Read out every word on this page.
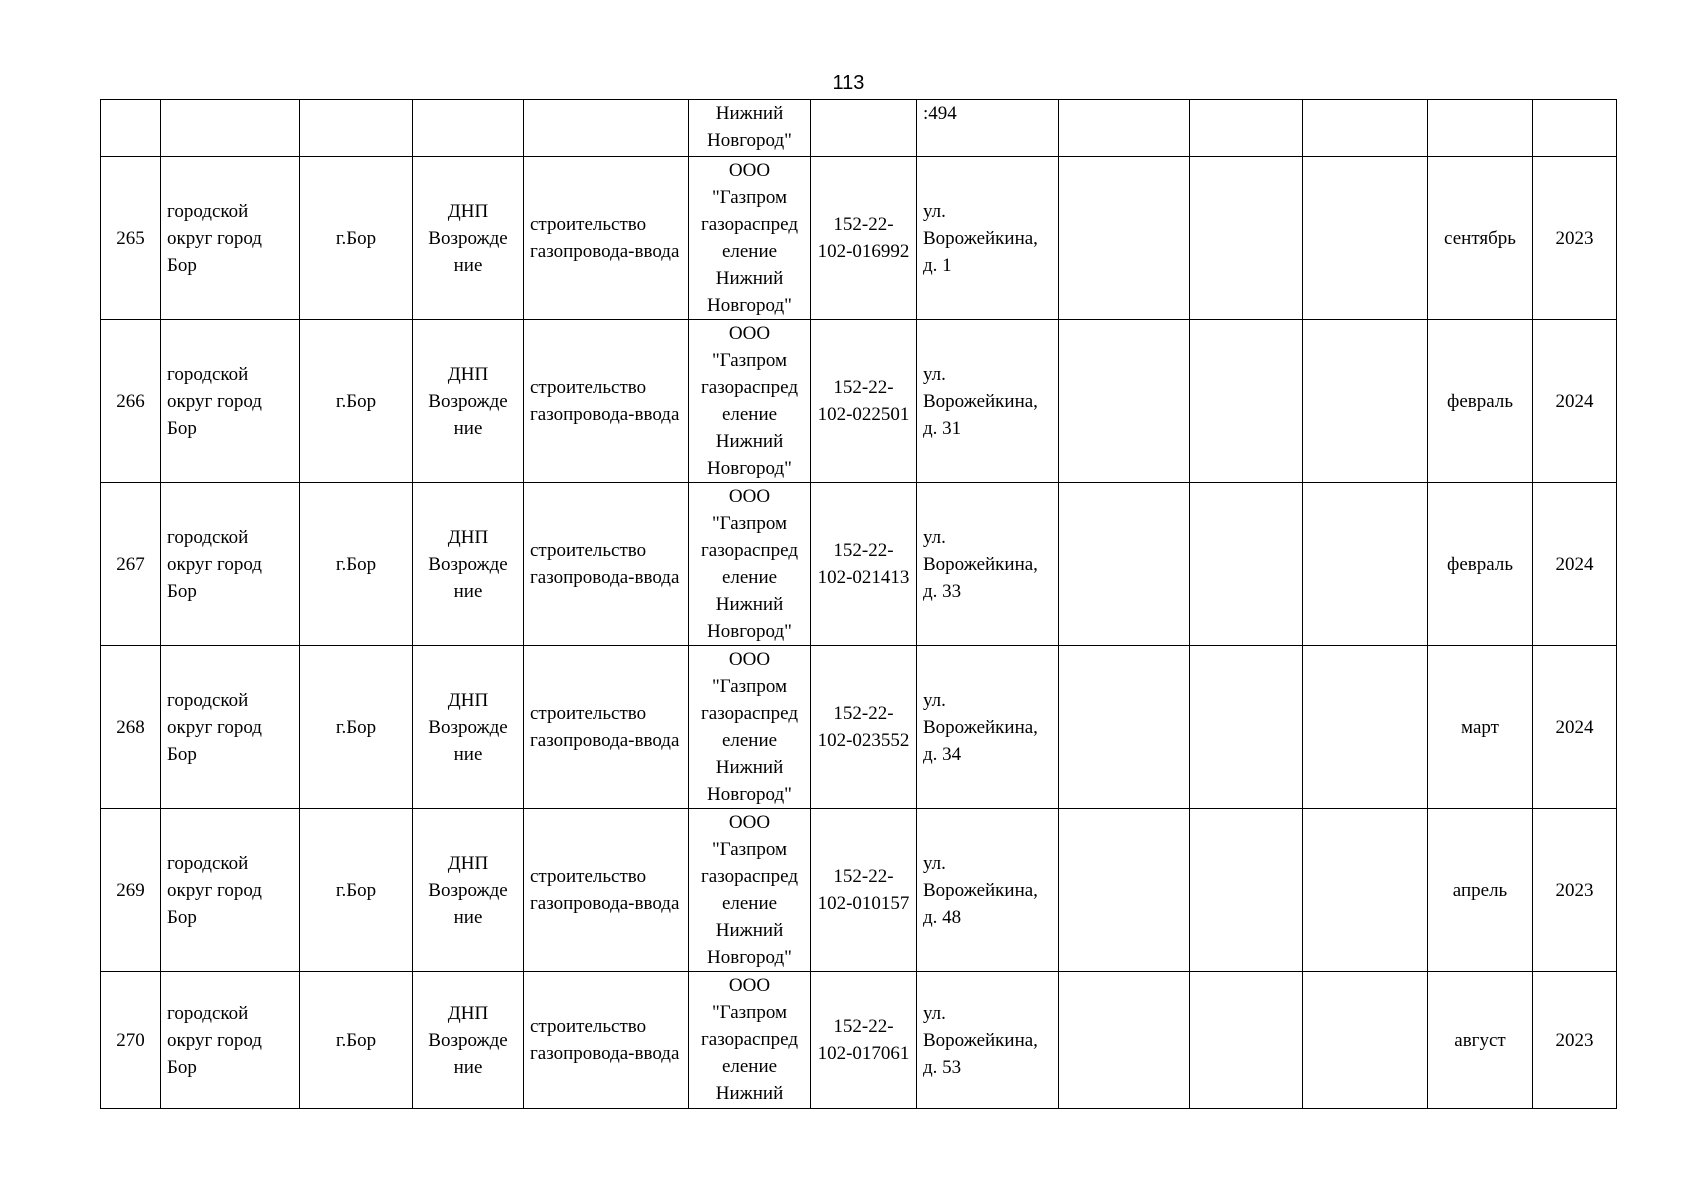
113
					Нижний Новгород"		:494					
265	городской округ город Бор	г.Бор	ДНП Возрожде ние	строительство газопровода-ввода	ООО "Газпром газораспред еление Нижний Новгород"	152-22-102-016992	ул. Ворожейкина, д. 1				сентябрь	2023
266	городской округ город Бор	г.Бор	ДНП Возрожде ние	строительство газопровода-ввода	ООО "Газпром газораспред еление Нижний Новгород"	152-22-102-022501	ул. Ворожейкина, д. 31				февраль	2024
267	городской округ город Бор	г.Бор	ДНП Возрожде ние	строительство газопровода-ввода	ООО "Газпром газораспред еление Нижний Новгород"	152-22-102-021413	ул. Ворожейкина, д. 33				февраль	2024
268	городской округ город Бор	г.Бор	ДНП Возрожде ние	строительство газопровода-ввода	ООО "Газпром газораспред еление Нижний Новгород"	152-22-102-023552	ул. Ворожейкина, д. 34				март	2024
269	городской округ город Бор	г.Бор	ДНП Возрожде ние	строительство газопровода-ввода	ООО "Газпром газораспред еление Нижний Новгород"	152-22-102-010157	ул. Ворожейкина, д. 48				апрель	2023
270	городской округ город Бор	г.Бор	ДНП Возрожде ние	строительство газопровода-ввода	ООО "Газпром газораспред еление Нижний	152-22-102-017061	ул. Ворожейкина, д. 53				август	2023
